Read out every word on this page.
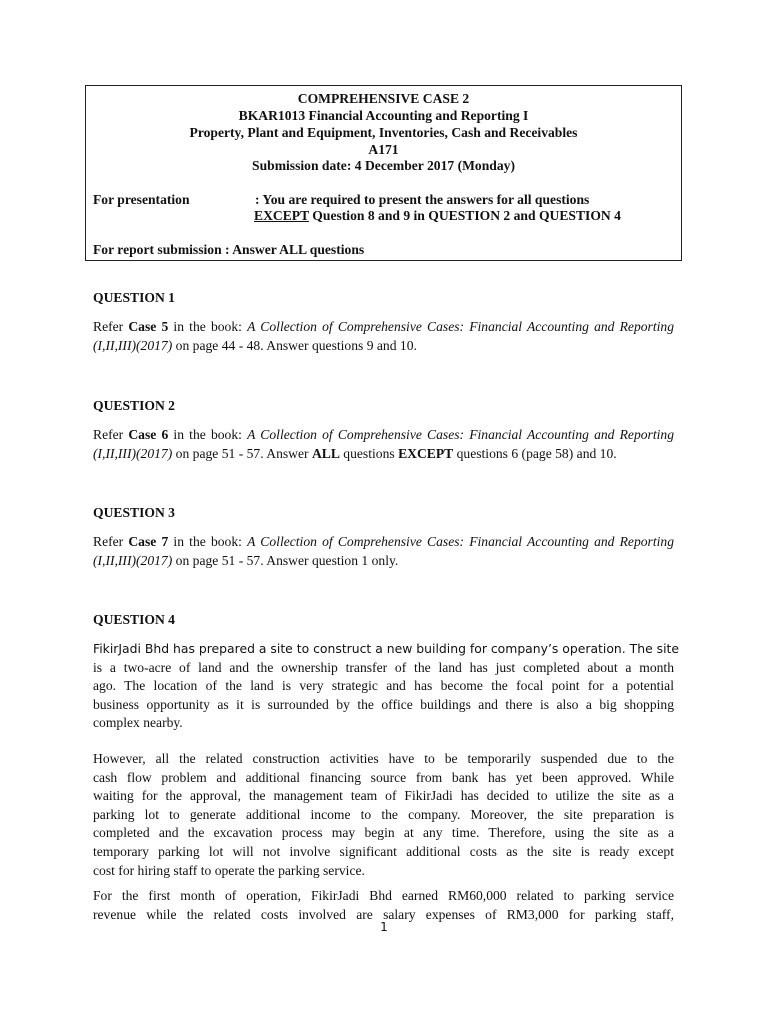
COMPREHENSIVE CASE 2
BKAR1013 Financial Accounting and Reporting I
Property, Plant and Equipment, Inventories, Cash and Receivables
A171
Submission date: 4 December 2017 (Monday)
For presentation	: You are required to present the answers for all questions
EXCEPT Question 8 and 9 in QUESTION 2 and QUESTION 4
For report submission : Answer ALL questions
QUESTION 1
Refer Case 5 in the book: A Collection of Comprehensive Cases: Financial Accounting and Reporting
(I,II,III)(2017) on page 44 - 48. Answer questions 9 and 10.
QUESTION 2
Refer Case 6 in the book: A Collection of Comprehensive Cases: Financial Accounting and Reporting
(I,II,III)(2017) on page 51 - 57. Answer ALL questions EXCEPT questions 6 (page 58) and 10.
QUESTION 3
Refer Case 7 in the book: A Collection of Comprehensive Cases: Financial Accounting and Reporting
(I,II,III)(2017) on page 51 - 57. Answer question 1 only.
QUESTION 4
FikirJadi Bhd has prepared a site to construct a new building for company’s operation. The site
is a two-acre of land and the ownership transfer of the land has just completed about a month
ago. The location of the land is very strategic and has become the focal point for a potential
business opportunity as it is surrounded by the office buildings and there is also a big shopping
complex nearby.
However, all the related construction activities have to be temporarily suspended due to the
cash flow problem and additional financing source from bank has yet been approved. While
waiting for the approval, the management team of FikirJadi has decided to utilize the site as a
parking lot to generate additional income to the company. Moreover, the site preparation is
completed and the excavation process may begin at any time. Therefore, using the site as a
temporary parking lot will not involve significant additional costs as the site is ready except
cost for hiring staff to operate the parking service.
For the first month of operation, FikirJadi Bhd earned RM60,000 related to parking service
revenue while the related costs involved are salary expenses of RM3,000 for parking staff,
1
